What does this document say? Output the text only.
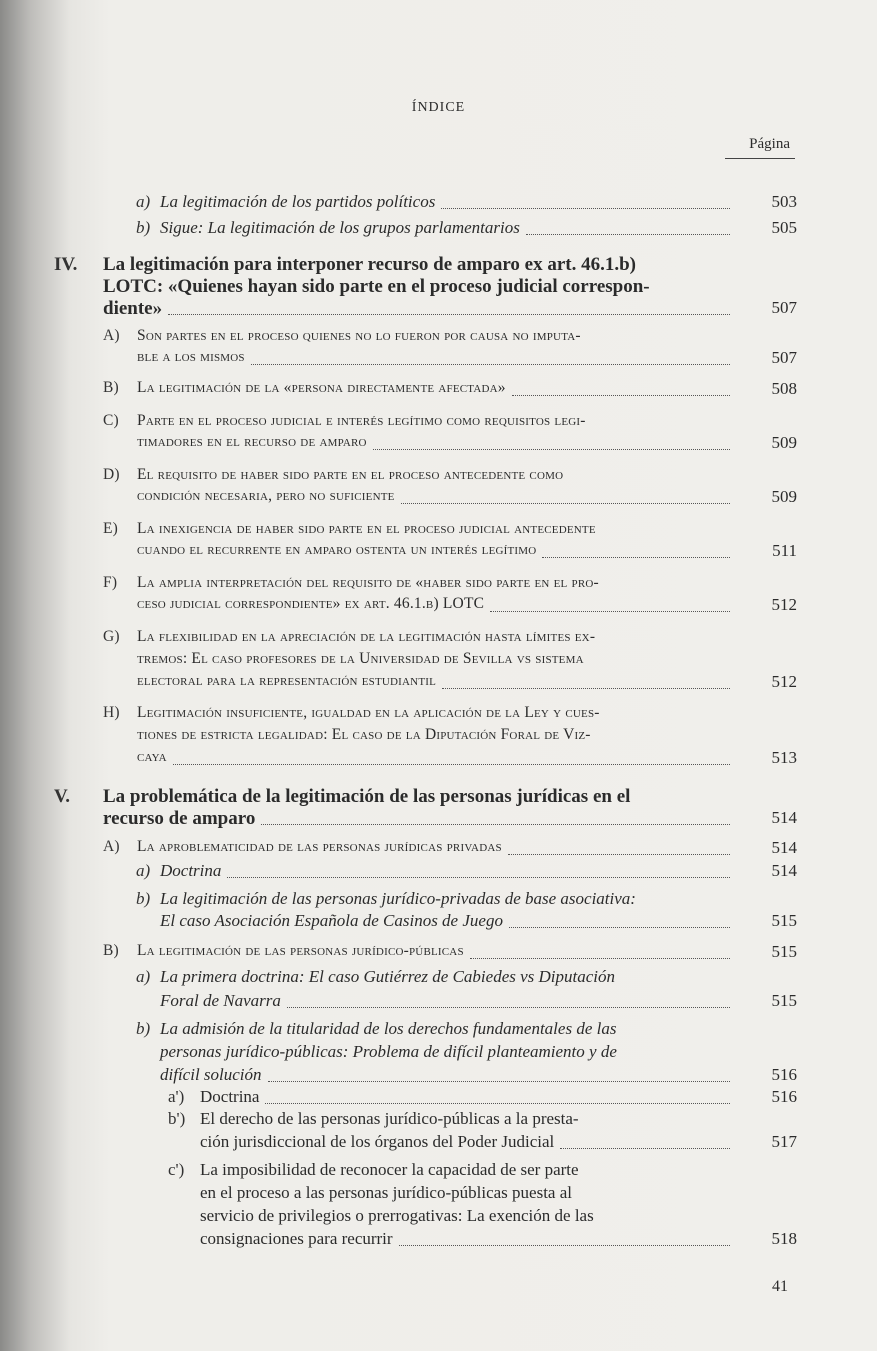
ÍNDICE
Página
a) La legitimación de los partidos políticos	503
b) Sigue: La legitimación de los grupos parlamentarios	505
IV. La legitimación para interponer recurso de amparo ex art. 46.1.b)
LOTC: «Quienes hayan sido parte en el proceso judicial correspon-
diente»	507
A) Son partes en el proceso quienes no lo fueron por causa no imputa-
ble a los mismos	507
B) La legitimación de la «persona directamente afectada»	508
C) Parte en el proceso judicial e interés legítimo como requisitos legi-
timadores en el recurso de amparo	509
D) El requisito de haber sido parte en el proceso antecedente como
condición necesaria, pero no suficiente	509
E) La inexigencia de haber sido parte en el proceso judicial antecedente
cuando el recurrente en amparo ostenta un interés legítimo	511
F) La amplia interpretación del requisito de «haber sido parte en el pro-
ceso judicial correspondiente» ex art. 46.1.b) LOTC	512
G) La flexibilidad en la apreciación de la legitimación hasta límites ex-
tremos: El caso profesores de la Universidad de Sevilla vs sistema
electoral para la representación estudiantil	512
H) Legitimación insuficiente, igualdad en la aplicación de la Ley y cues-
tiones de estricta legalidad: El caso de la Diputación Foral de Viz-
caya	513
V. La problemática de la legitimación de las personas jurídicas en el
recurso de amparo	514
A) La aproblematicidad de las personas jurídicas privadas	514
a) Doctrina	514
b) La legitimación de las personas jurídico-privadas de base asociativa:
El caso Asociación Española de Casinos de Juego	515
B) La legitimación de las personas jurídico-públicas	515
a) La primera doctrina: El caso Gutiérrez de Cabiedes vs Diputación
Foral de Navarra	515
b) La admisión de la titularidad de los derechos fundamentales de las
personas jurídico-públicas: Problema de difícil planteamiento y de
difícil solución	516
a') Doctrina	516
b') El derecho de las personas jurídico-públicas a la presta-
ción jurisdiccional de los órganos del Poder Judicial	517
c') La imposibilidad de reconocer la capacidad de ser parte
en el proceso a las personas jurídico-públicas puesta al
servicio de privilegios o prerrogativas: La exención de las
consignaciones para recurrir	518
41
